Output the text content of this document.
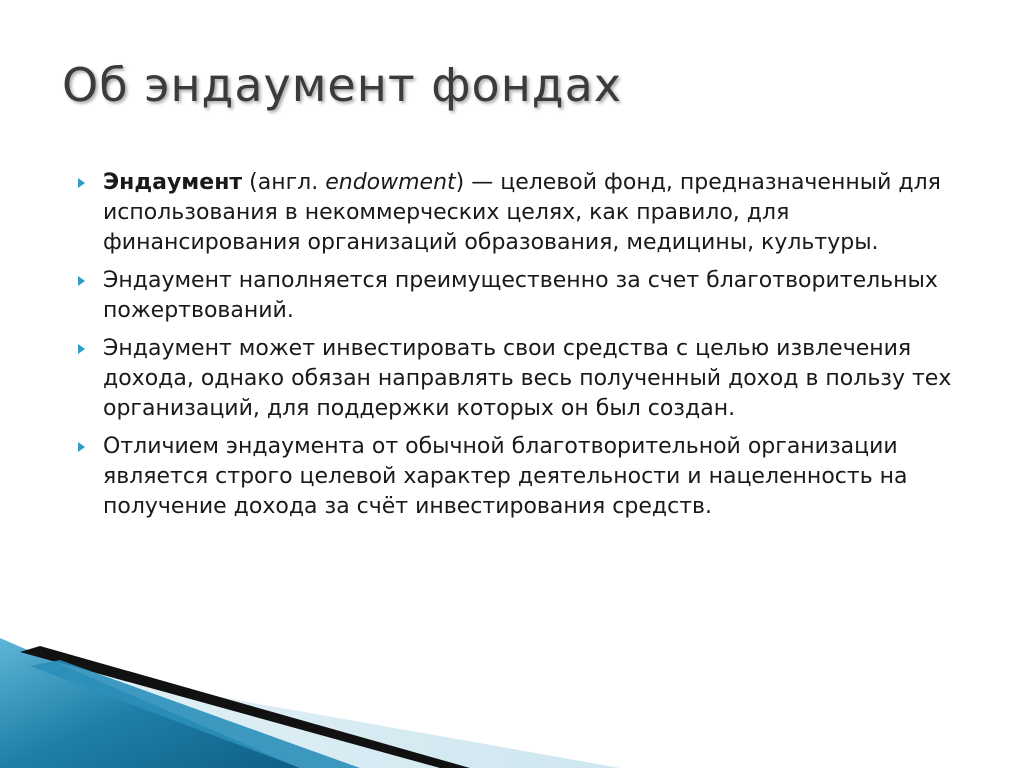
Об эндаумент фондах
Эндаумент (англ. endowment) — целевой фонд, предназначенный для использования в некоммерческих целях, как правило, для финансирования организаций образования, медицины, культуры.
Эндаумент наполняется преимущественно за счет благотворительных пожертвований.
Эндаумент может инвестировать свои средства с целью извлечения дохода, однако обязан направлять весь полученный доход в пользу тех организаций, для поддержки которых он был создан.
Отличием эндаумента от обычной благотворительной организации является строго целевой характер деятельности и нацеленность на получение дохода за счёт инвестирования средств.
